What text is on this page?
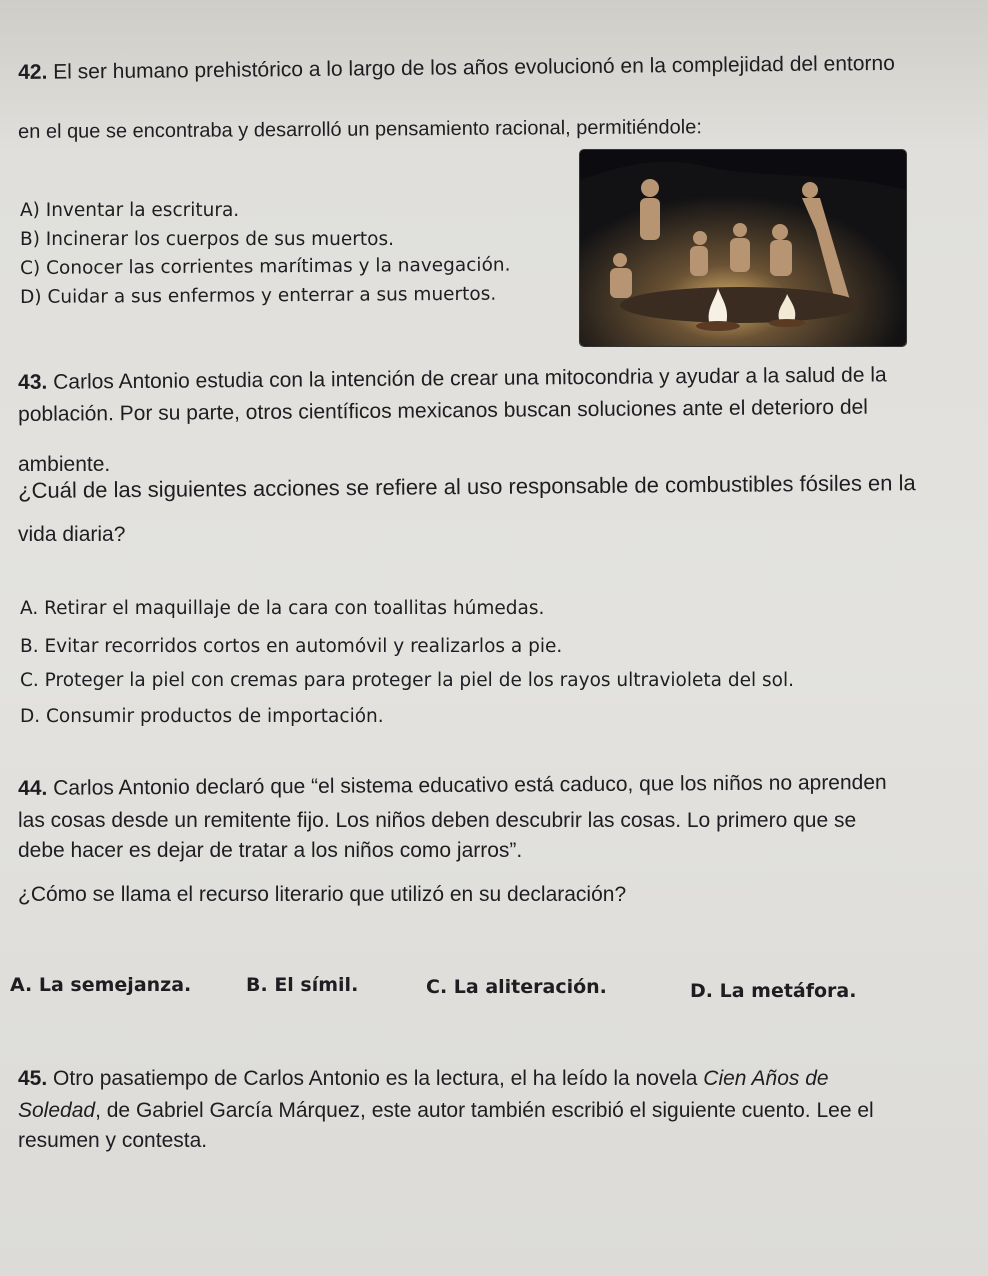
42. El ser humano prehistórico a lo largo de los años evolucionó en la complejidad del entorno
en el que se encontraba y desarrolló un pensamiento racional, permitiéndole:
A) Inventar la escritura.
B) Incinerar los cuerpos de sus muertos.
C) Conocer las corrientes marítimas y la navegación.
D) Cuidar a sus enfermos y enterrar a sus muertos.
43. Carlos Antonio estudia con la intención de crear una mitocondria y ayudar a la salud de la
población. Por su parte, otros científicos mexicanos buscan soluciones ante el deterioro del
ambiente.
¿Cuál de las siguientes acciones se refiere al uso responsable de combustibles fósiles en la
vida diaria?
A. Retirar el maquillaje de la cara con toallitas húmedas.
B. Evitar recorridos cortos en automóvil y realizarlos a pie.
C. Proteger la piel con cremas para proteger la piel de los rayos ultravioleta del sol.
D. Consumir productos de importación.
44. Carlos Antonio declaró que “el sistema educativo está caduco, que los niños no aprenden
las cosas desde un remitente fijo. Los niños deben descubrir las cosas. Lo primero que se
debe hacer es dejar de tratar a los niños como jarros”.
¿Cómo se llama el recurso literario que utilizó en su declaración?
A. La semejanza.	B. El símil.	C. La aliteración.	D. La metáfora.
45. Otro pasatiempo de Carlos Antonio es la lectura, el ha leído la novela Cien Años de
Soledad, de Gabriel García Márquez, este autor también escribió el siguiente cuento. Lee el
resumen y contesta.
